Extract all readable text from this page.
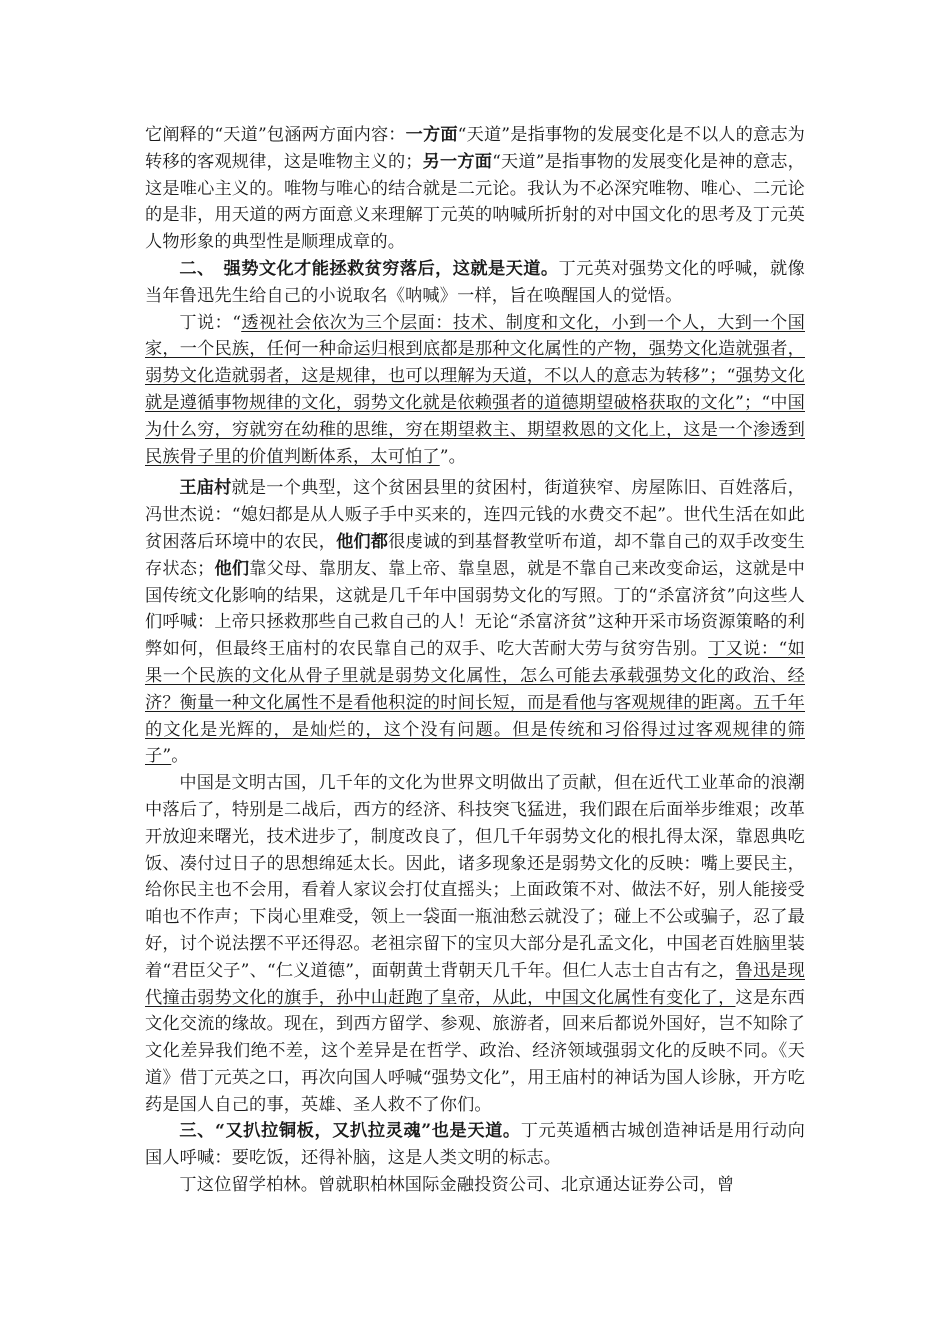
它阐释的“天道”包涵两方面内容：一方面“天道”是指事物的发展变化是不以人的意志为转移的客观规律，这是唯物主义的；另一方面“天道”是指事物的发展变化是神的意志，这是唯心主义的。唯物与唯心的结合就是二元论。我认为不必深究唯物、唯心、二元论的是非，用天道的两方面意义来理解丁元英的呐喊所折射的对中国文化的思考及丁元英人物形象的典型性是顺理成章的。

二、　强势文化才能拯救贫穷落后，这就是天道。丁元英对强势文化的呼喊，就像当年鲁迅先生给自己的小说取名《呐喊》一样，旨在唤醒国人的觉悟。

丁说：“透视社会依次为三个层面：技术、制度和文化，小到一个人，大到一个国家，一个民族，任何一种命运归根到底都是那种文化属性的产物，强势文化造就强者，弱势文化造就弱者，这是规律，也可以理解为天道，不以人的意志为转移”；“强势文化就是遵循事物规律的文化，弱势文化就是依赖强者的道德期望破格获取的文化”；“中国为什么穷，穷就穷在幼稚的思维，穷在期望救主、期望救恩的文化上，这是一个渗透到民族骨子里的价值判断体系，太可怕了”。

王庙村就是一个典型，这个贫困县里的贫困村，街道狭窄、房屋陈旧、百姓落后，冯世杰说：“媳妇都是从人贩子手中买来的，连四元钱的水费交不起”。世代生活在如此贫困落后环境中的农民，他们都很虔诚的到基督教堂听布道，却不靠自己的双手改变生存状态；他们靠父母、靠朋友、靠上帝、靠皇恩，就是不靠自己来改变命运，这就是中国传统文化影响的结果，这就是几千年中国弱势文化的写照。丁的“杀富济贫”向这些人们呼喊：上帝只拯救那些自己救自己的人！无论“杀富济贫”这种开采市场资源策略的利弊如何，但最终王庙村的农民靠自己的双手、吃大苦耐大劳与贫穷告别。丁又说：“如果一个民族的文化从骨子里就是弱势文化属性，怎么可能去承载强势文化的政治、经济？衡量一种文化属性不是看他积淀的时间长短，而是看他与客观规律的距离。五千年的文化是光辉的，是灿烂的，这个没有问题。但是传统和习俗得过过客观规律的筛子”。

中国是文明古国，几千年的文化为世界文明做出了贡献，但在近代工业革命的浪潮中落后了，特别是二战后，西方的经济、科技突飞猛进，我们跟在后面举步维艰；改革开放迎来曙光，技术进步了，制度改良了，但几千年弱势文化的根扎得太深，靠恩典吃饭、凑付过日子的思想绵延太长。因此，诸多现象还是弱势文化的反映：嘴上要民主，给你民主也不会用，看着人家议会打仗直摇头；上面政策不对、做法不好，别人能接受咱也不作声；下岗心里难受，领上一袋面一瓶油愁云就没了；碰上不公或骗子，忍了最好，讨个说法摆不平还得忍。老祖宗留下的宝贝大部分是孔孟文化，中国老百姓脑里装着“君臣父子”、“仁义道德”，面朝黄土背朝天几千年。但仁人志士自古有之，鲁迅是现代撞击弱势文化的旗手，孙中山赶跑了皇帝，从此，中国文化属性有变化了，这是东西文化交流的缘故。现在，到西方留学、参观、旅游者，回来后都说外国好，岂不知除了文化差异我们绝不差，这个差异是在哲学、政治、经济领域强弱文化的反映不同。《天道》借丁元英之口，再次向国人呼喊“强势文化”，用王庙村的神话为国人诊脉，开方吃药是国人自己的事，英雄、圣人救不了你们。

三、“又扒拉铜板，又扒拉灵魂”也是天道。丁元英遁栖古城创造神话是用行动向国人呼喊：要吃饭，还得补脑，这是人类文明的标志。

丁这位留学柏林。曾就职柏林国际金融投资公司、北京通达证券公司，曾
